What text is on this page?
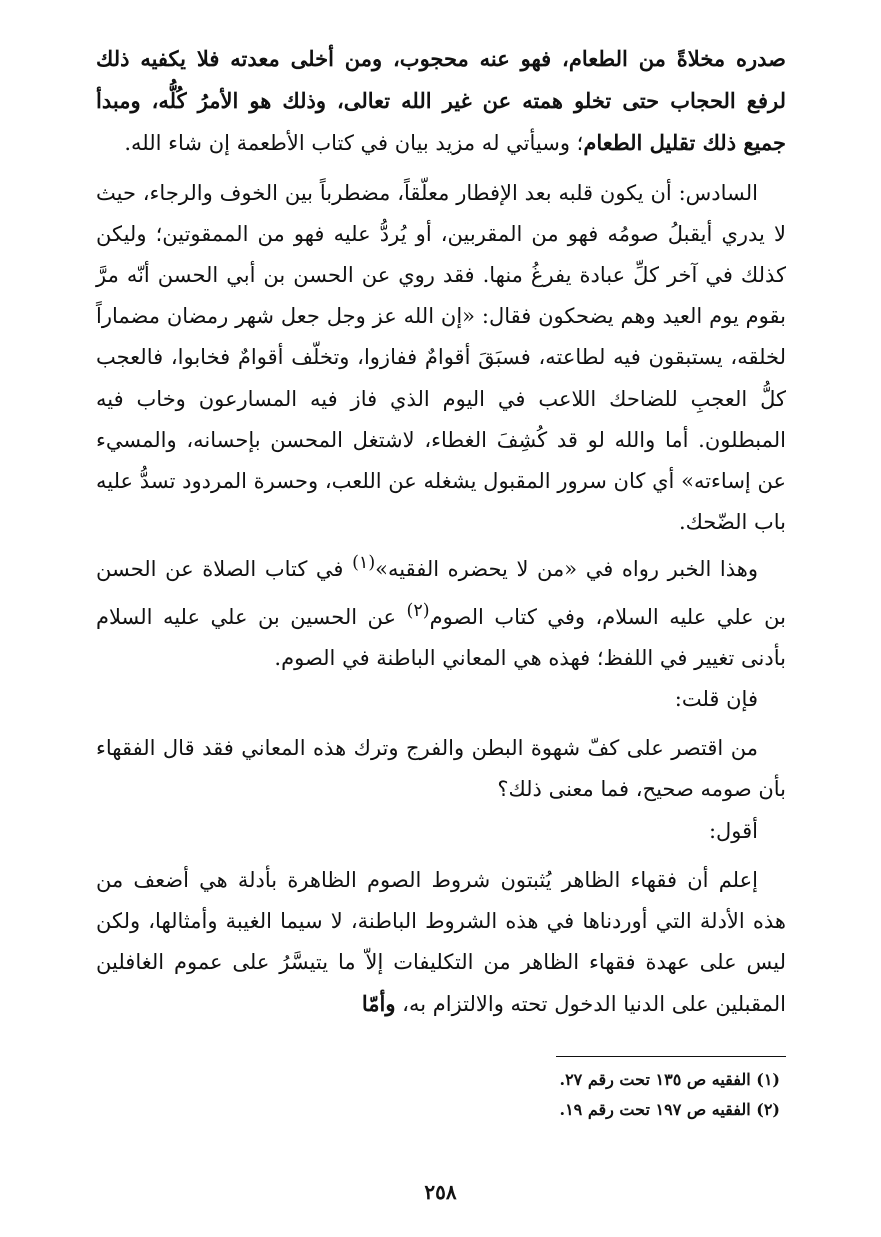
صدره مخلاةً من الطعام، فهو عنه محجوب، ومن أخلى معدته فلا يكفيه ذلك لرفع الحجاب حتى تخلو همته عن غير الله تعالى، وذلك هو الأمرُ كُلُّه، ومبدأ جميع ذلك تقليل الطعام؛ وسيأتي له مزيد بيان في كتاب الأطعمة إن شاء الله.

السادس: أن يكون قلبه بعد الإفطار معلّقاً، مضطرباً بين الخوف والرجاء، حيث لا يدري أيقبلُ صومُه فهو من المقربين، أو يُردُّ عليه فهو من الممقوتين؛ وليكن كذلك في آخر كلِّ عبادة يفرغُ منها. فقد روي عن الحسن بن أبي الحسن أنّه مرَّ بقوم يوم العيد وهم يضحكون فقال: «إن الله عز وجل جعل شهر رمضان مضماراً لخلقه، يستبقون فيه لطاعته، فسبَقَ أقوامٌ ففازوا، وتخلّف أقوامٌ فخابوا، فالعجب كلُّ العجبِ للضاحك اللاعب في اليوم الذي فاز فيه المسارعون وخاب فيه المبطلون. أما والله لو قد كُشِفَ الغطاء، لاشتغل المحسن بإحسانه، والمسيء عن إساءته» أي كان سرور المقبول يشغله عن اللعب، وحسرة المردود تسدُّ عليه باب الضّحك.

وهذا الخبر رواه في «من لا يحضره الفقيه»$^{(١)}$ في كتاب الصلاة عن الحسن بن علي عليه السلام، وفي كتاب الصوم$^{(٢)}$ عن الحسين بن علي عليه السلام بأدنى تغيير في اللفظ؛ فهذه هي المعاني الباطنة في الصوم.

فإن قلت:

من اقتصر على كفّ شهوة البطن والفرج وترك هذه المعاني فقد قال الفقهاء بأن صومه صحيح، فما معنى ذلك؟

أقول:

إعلم أن فقهاء الظاهر يُثبتون شروط الصوم الظاهرة بأدلة هي أضعف من هذه الأدلة التي أوردناها في هذه الشروط الباطنة، لا سيما الغيبة وأمثالها، ولكن ليس على عهدة فقهاء الظاهر من التكليفات إلاّ ما يتيسَّرُ على عموم الغافلين المقبلين على الدنيا الدخول تحته والالتزام به، وأمّا

(١) الفقيه ص ١٣٥ تحت رقم ٢٧.

(٢) الفقيه ص ١٩٧ تحت رقم ١٩.

٢٥٨
